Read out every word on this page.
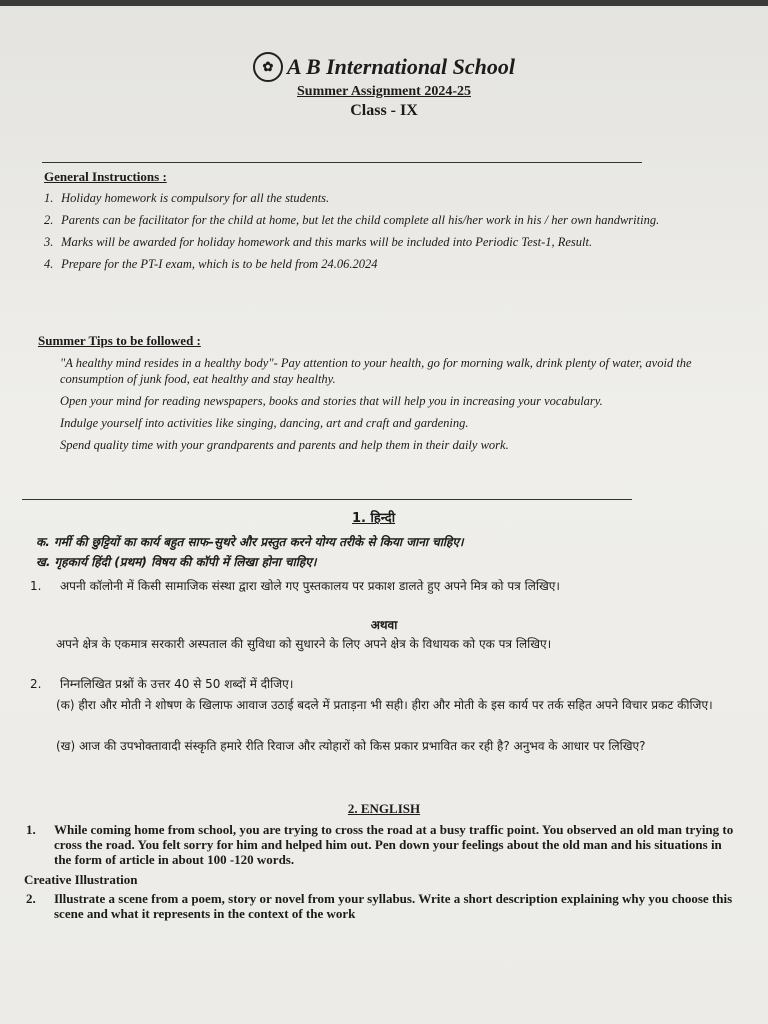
✿ A B International School
Summer Assignment 2024-25
Class - IX
General Instructions :
1. Holiday homework is compulsory for all the students.
2. Parents can be facilitator for the child at home, but let the child complete all his/her work in his / her own handwriting.
3. Marks will be awarded for holiday homework and this marks will be included into Periodic Test-1, Result.
4. Prepare for the PT-I exam, which is to be held from 24.06.2024
Summer Tips to be followed :
"A healthy mind resides in a healthy body"- Pay attention to your health, go for morning walk, drink plenty of water, avoid the consumption of junk food, eat healthy and stay healthy.
Open your mind for reading newspapers, books and stories that will help you in increasing your vocabulary.
Indulge yourself into activities like singing, dancing, art and craft and gardening.
Spend quality time with your grandparents and parents and help them in their daily work.
1. हिन्दी
क. गर्मी की छुट्टियों का कार्य बहुत साफ–सुथरे और प्रस्तुत करने योग्य तरीके से किया जाना चाहिए।
ख. गृहकार्य हिंदी (प्रथम) विषय की कॉपी में लिखा होना चाहिए।
1. अपनी कॉलोनी में किसी सामाजिक संस्था द्वारा खोले गए पुस्तकालय पर प्रकाश डालते हुए अपने मित्र को पत्र लिखिए।
अथवा
अपने क्षेत्र के एकमात्र सरकारी अस्पताल की सुविधा को सुधारने के लिए अपने क्षेत्र के विधायक को एक पत्र लिखिए।
2. निम्नलिखित प्रश्नों के उत्तर 40 से 50 शब्दों में दीजिए।
(क) हीरा और मोती ने शोषण के खिलाफ आवाज उठाई बदले में प्रताड़ना भी सही। हीरा और मोती के इस कार्य पर तर्क सहित अपने विचार प्रकट कीजिए।
(ख) आज की उपभोक्तावादी संस्कृति हमारे रीति रिवाज और त्योहारों को किस प्रकार प्रभावित कर रही है? अनुभव के आधार पर लिखिए?
2. ENGLISH
1. While coming home from school, you are trying to cross the road at a busy traffic point. You observed an old man trying to cross the road. You felt sorry for him and helped him out. Pen down your feelings about the old man and his situations in the form of article in about 100 -120 words.
Creative Illustration
2. Illustrate a scene from a poem, story or novel from your syllabus. Write a short description explaining why you choose this scene and what it represents in the context of the work
